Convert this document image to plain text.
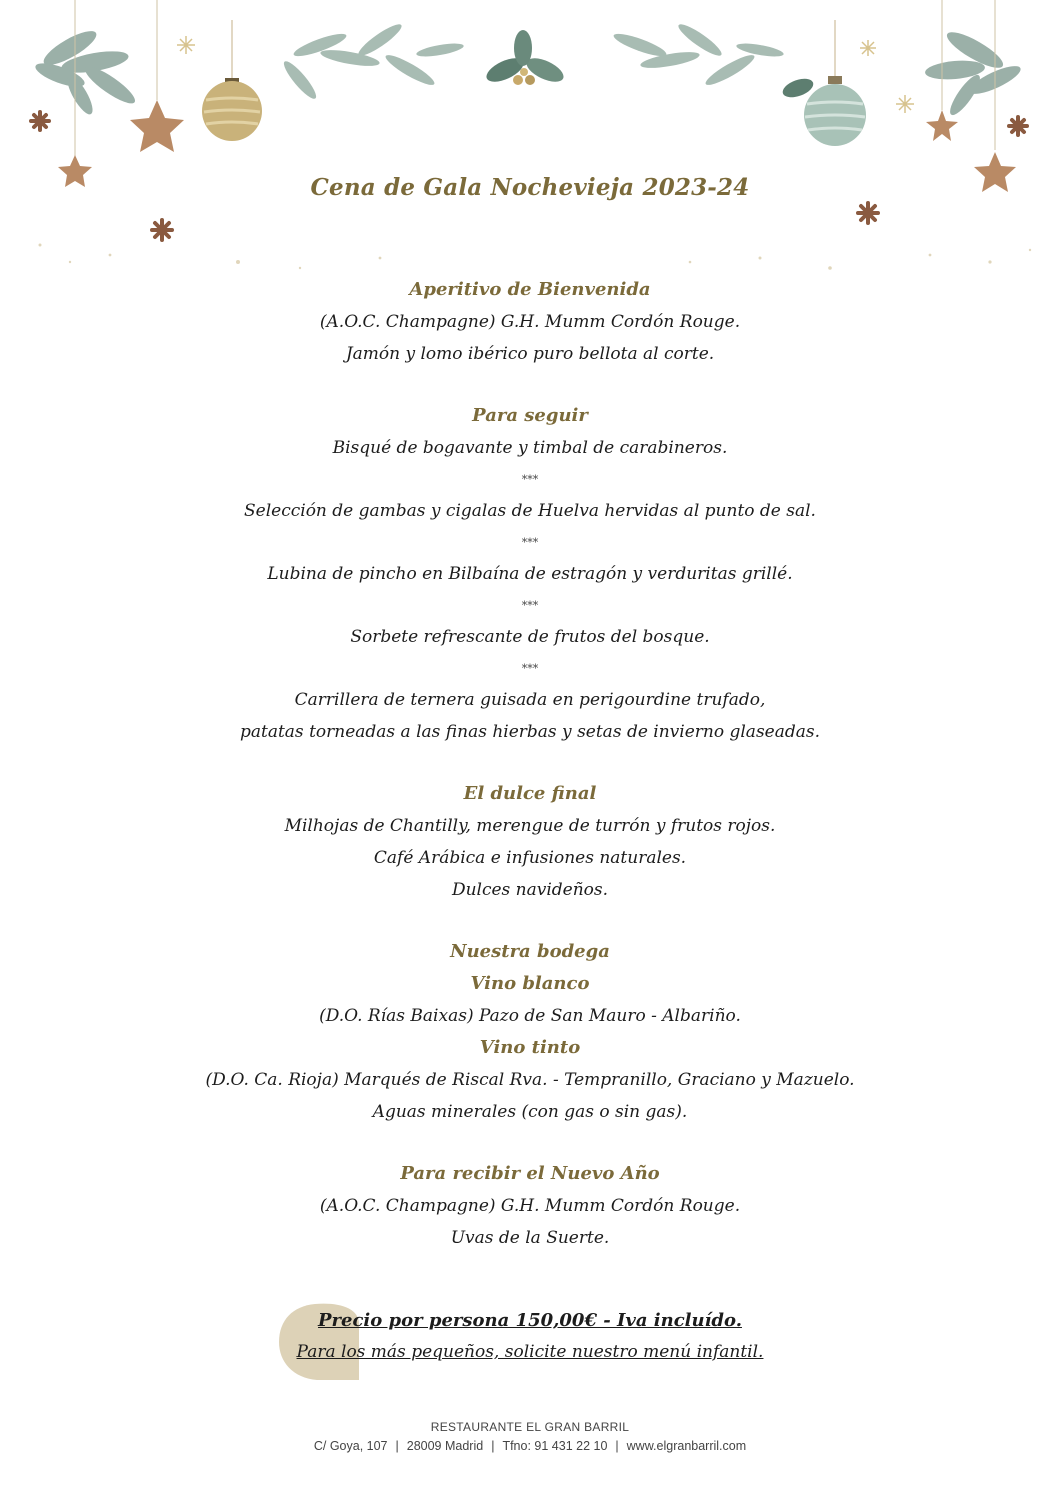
Cena de Gala Nochevieja 2023-24

Aperitivo de Bienvenida

(A.O.C. Champagne) G.H. Mumm Cordón Rouge.

Jamón y lomo ibérico puro bellota al corte.

Para seguir

Bisqué de bogavante y timbal de carabineros.

***

Selección de gambas y cigalas de Huelva hervidas al punto de sal.

***

Lubina de pincho en Bilbaína de estragón y verduritas grillé.

***

Sorbete refrescante de frutos del bosque.

***

Carrillera de ternera guisada en perigourdine trufado,

patatas torneadas a las finas hierbas y setas de invierno glaseadas.

El dulce final

Milhojas de Chantilly, merengue de turrón y frutos rojos.

Café Arábica e infusiones naturales.

Dulces navideños.

Nuestra bodega

Vino blanco

(D.O. Rías Baixas) Pazo de San Mauro - Albariño.

Vino tinto

(D.O. Ca. Rioja) Marqués de Riscal Rva. - Tempranillo, Graciano y Mazuelo.

Aguas minerales (con gas o sin gas).

Para recibir el Nuevo Año

(A.O.C. Champagne) G.H. Mumm Cordón Rouge.

Uvas de la Suerte.

Precio por persona 150,00€ - Iva incluído.

Para los más pequeños, solicite nuestro menú infantil.

RESTAURANTE EL GRAN BARRIL
C/ Goya, 107 | 28009 Madrid | Tfno: 91 431 22 10 | www.elgranbarril.com
